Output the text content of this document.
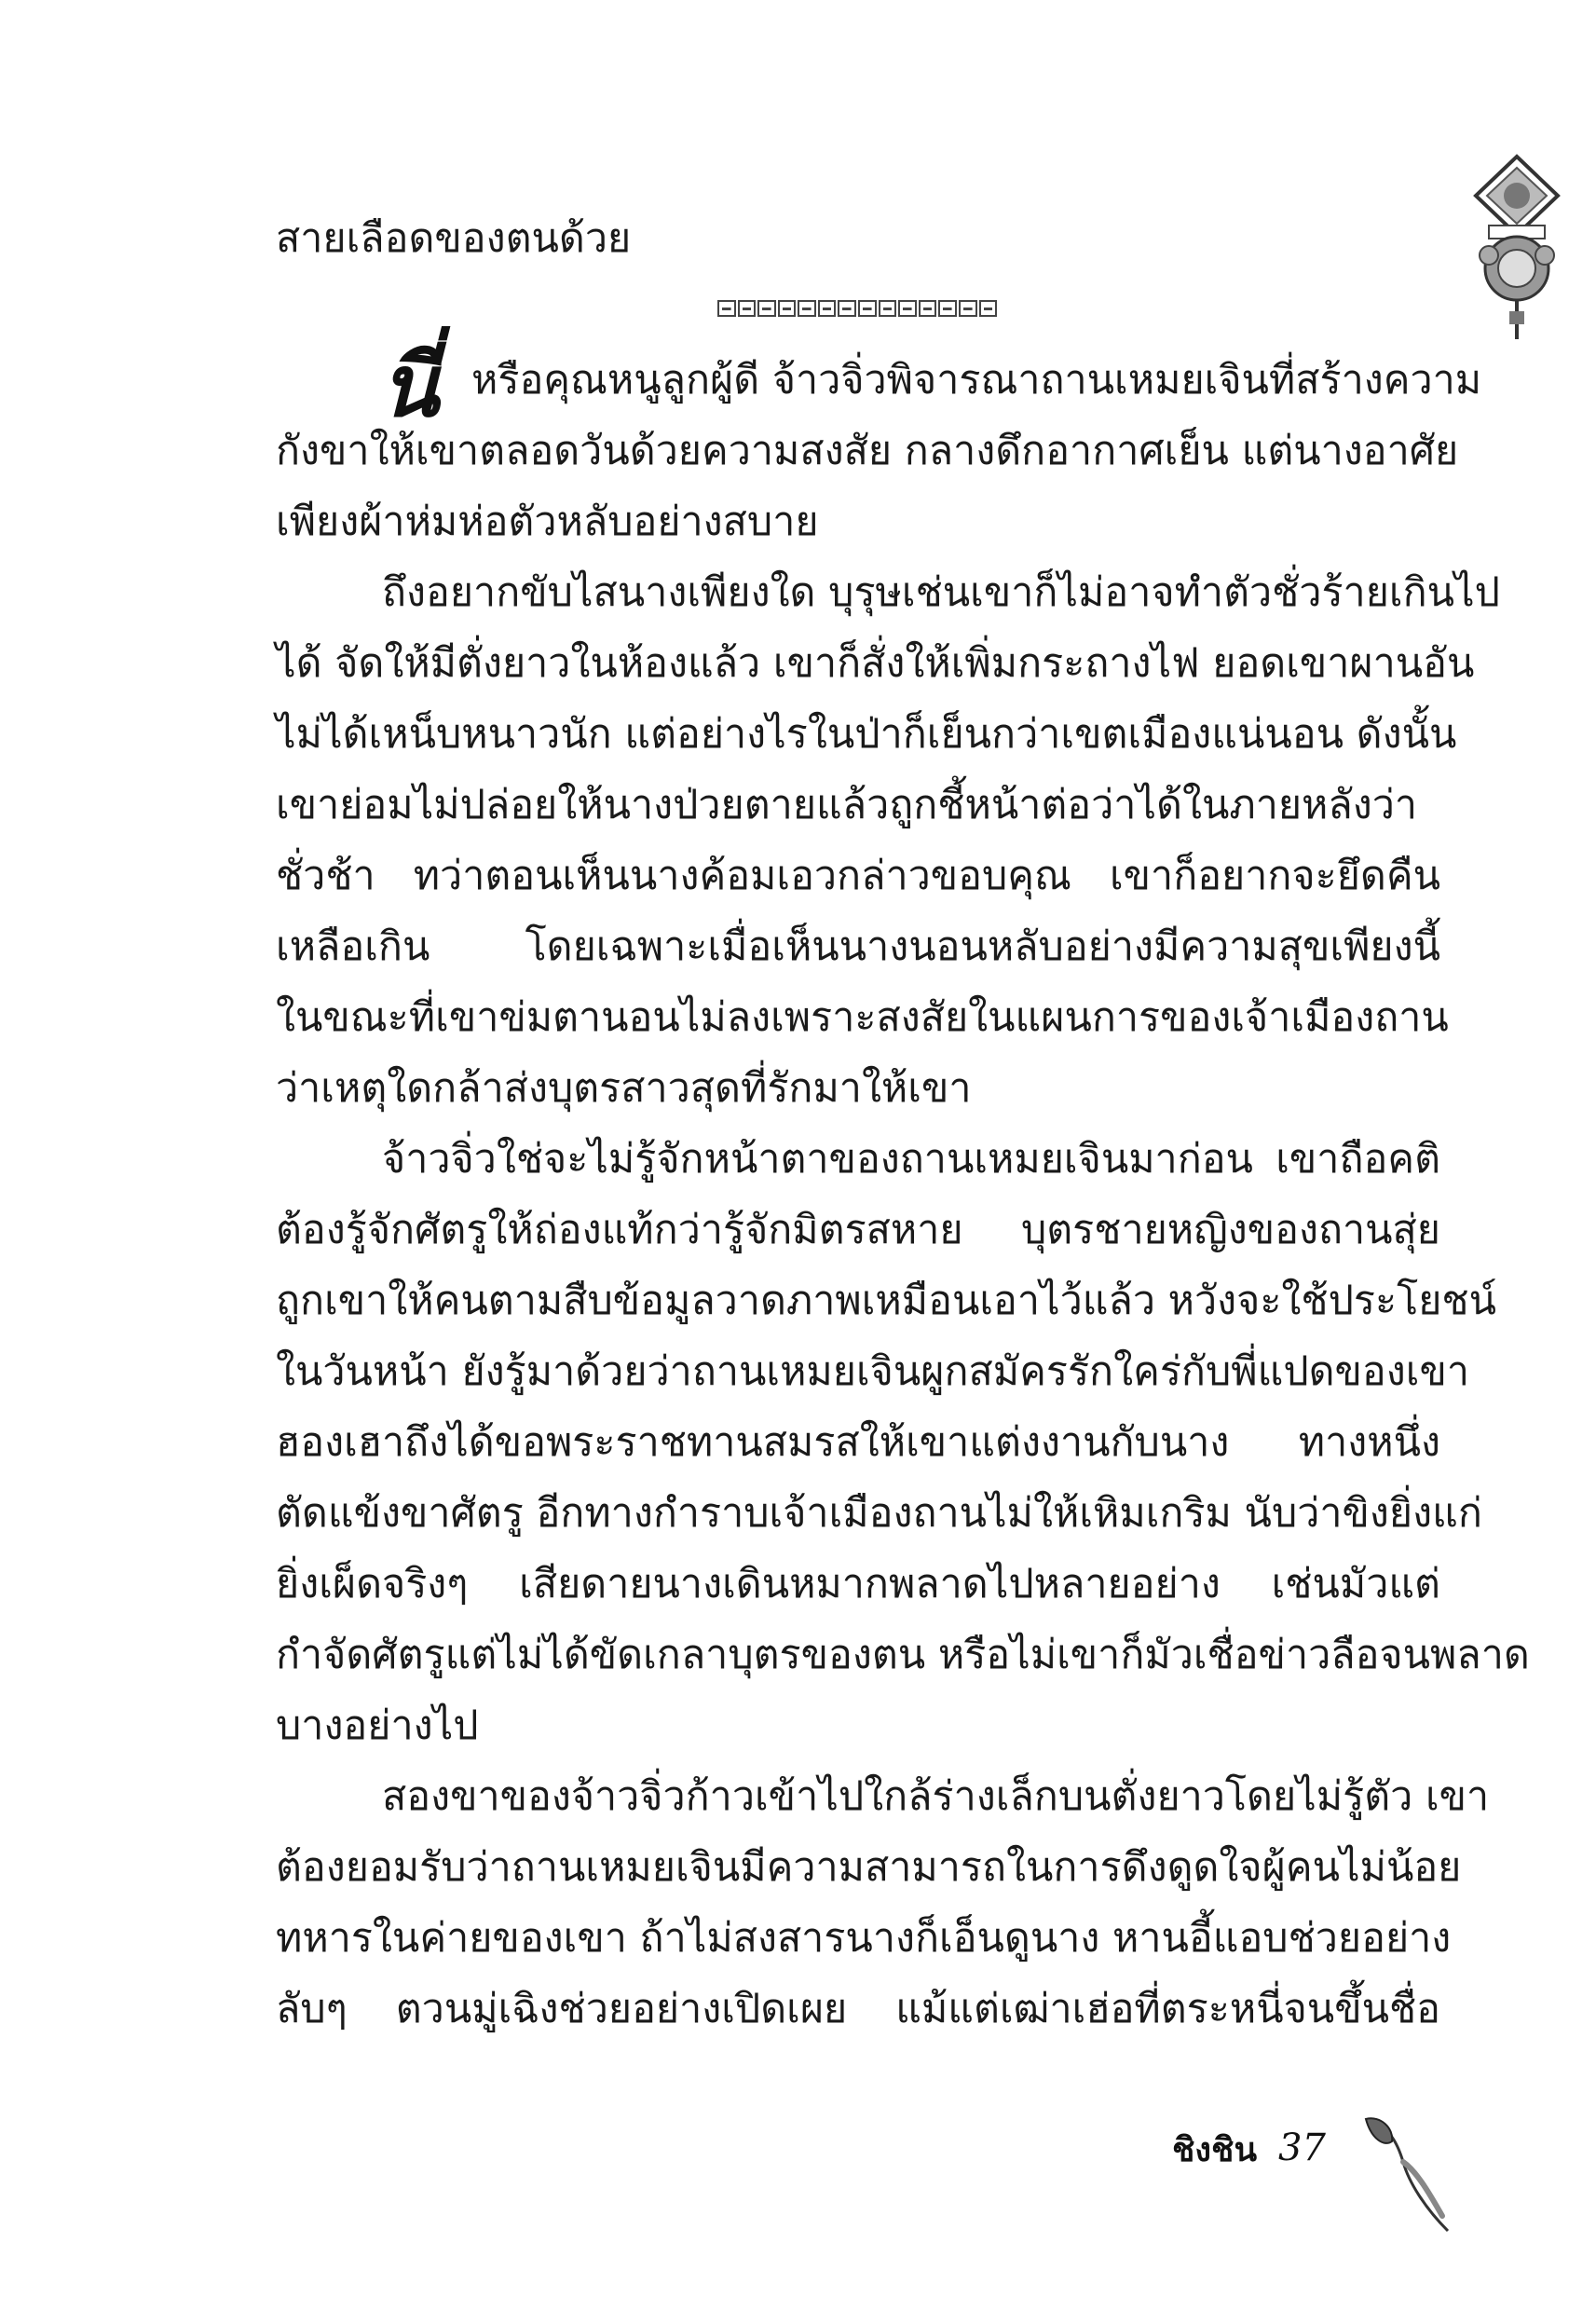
สายเลือดของตนด้วย
นี่ หรือคุณหนูลูกผู้ดี จ้าวจิ่วพิจารณาถานเหมยเจินที่สร้างความ
กังขาให้เขาตลอดวันด้วยความสงสัย กลางดึกอากาศเย็น แต่นางอาศัย
เพียงผ้าห่มห่อตัวหลับอย่างสบาย
ถึงอยากขับไสนางเพียงใด บุรุษเช่นเขาก็ไม่อาจทำตัวชั่วร้ายเกินไป
ได้ จัดให้มีตั่งยาวในห้องแล้ว เขาก็สั่งให้เพิ่มกระถางไฟ ยอดเขาผานอัน
ไม่ได้เหน็บหนาวนัก แต่อย่างไรในป่าก็เย็นกว่าเขตเมืองแน่นอน ดังนั้น
เขาย่อมไม่ปล่อยให้นางป่วยตายแล้วถูกชี้หน้าต่อว่าได้ในภายหลังว่า
ชั่วช้า ทว่าตอนเห็นนางค้อมเอวกล่าวขอบคุณ เขาก็อยากจะยึดคืน
เหลือเกิน โดยเฉพาะเมื่อเห็นนางนอนหลับอย่างมีความสุขเพียงนี้
ในขณะที่เขาข่มตานอนไม่ลงเพราะสงสัยในแผนการของเจ้าเมืองถาน
ว่าเหตุใดกล้าส่งบุตรสาวสุดที่รักมาให้เขา
จ้าวจิ่วใช่จะไม่รู้จักหน้าตาของถานเหมยเจินมาก่อน เขาถือคติ
ต้องรู้จักศัตรูให้ถ่องแท้กว่ารู้จักมิตรสหาย บุตรชายหญิงของถานสุ่ย
ถูกเขาให้คนตามสืบข้อมูลวาดภาพเหมือนเอาไว้แล้ว หวังจะใช้ประโยชน์
ในวันหน้า ยังรู้มาด้วยว่าถานเหมยเจินผูกสมัครรักใคร่กับพี่แปดของเขา
ฮองเฮาถึงได้ขอพระราชทานสมรสให้เขาแต่งงานกับนาง ทางหนึ่ง
ตัดแข้งขาศัตรู อีกทางกำราบเจ้าเมืองถานไม่ให้เหิมเกริม นับว่าขิงยิ่งแก่
ยิ่งเผ็ดจริงๆ เสียดายนางเดินหมากพลาดไปหลายอย่าง เช่นมัวแต่
กำจัดศัตรูแต่ไม่ได้ขัดเกลาบุตรของตน หรือไม่เขาก็มัวเชื่อข่าวลือจนพลาด
บางอย่างไป
สองขาของจ้าวจิ่วก้าวเข้าไปใกล้ร่างเล็กบนตั่งยาวโดยไม่รู้ตัว เขา
ต้องยอมรับว่าถานเหมยเจินมีความสามารถในการดึงดูดใจผู้คนไม่น้อย
ทหารในค่ายของเขา ถ้าไม่สงสารนางก็เอ็นดูนาง หานอี้แอบช่วยอย่าง
ลับๆ ตวนมู่เฉิงช่วยอย่างเปิดเผย แม้แต่เฒ่าเฮ่อที่ตระหนี่จนขึ้นชื่อ
ชิงชิน 37
